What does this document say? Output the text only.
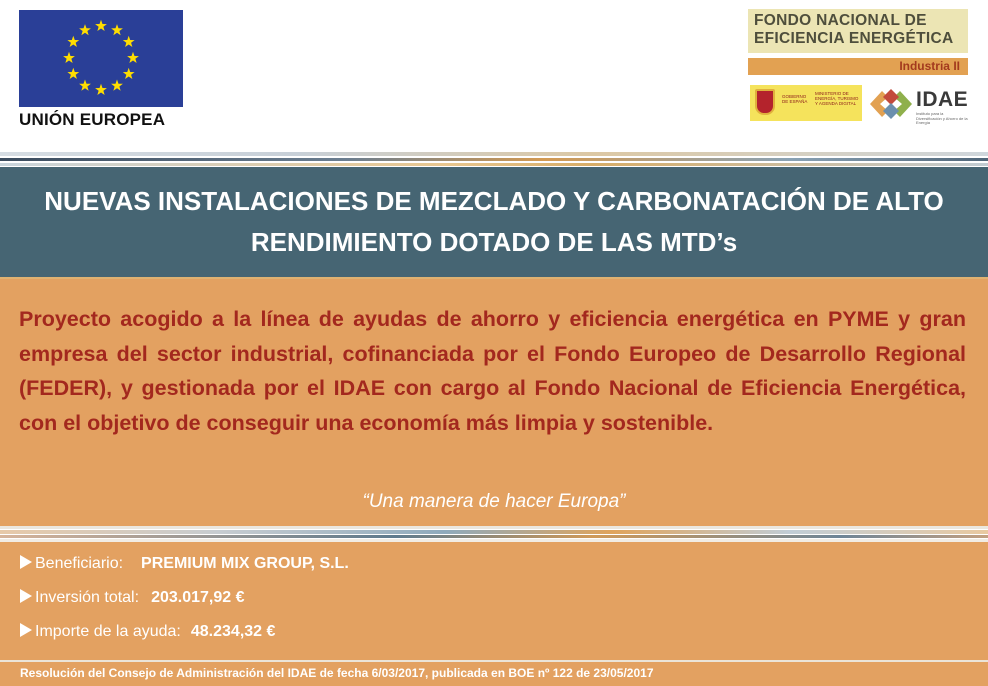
UNIÓN EUROPEA
FONDO NACIONAL DE EFICIENCIA ENERGÉTICA
Industria II
GOBIERNO DE ESPAÑA
MINISTERIO DE ENERGÍA, TURISMO Y AGENDA DIGITAL	IDAE
Instituto para la Diversificación y Ahorro de la Energía
NUEVAS INSTALACIONES DE MEZCLADO Y CARBONATACIÓN DE ALTO RENDIMIENTO DOTADO DE LAS MTD’s

Proyecto acogido a la línea de ayudas de ahorro y eficiencia energética en PYME y gran empresa del sector industrial, cofinanciada por el Fondo Europeo de Desarrollo Regional (FEDER), y gestionada por el IDAE con cargo al Fondo Nacional de Eficiencia Energética, con el objetivo de conseguir una economía más limpia y sostenible.

“Una manera de hacer Europa”
Beneficiario: PREMIUM MIX GROUP, S.L.
Inversión total: 203.017,92 €
Importe de la ayuda: 48.234,32 €
Resolución del Consejo de Administración del IDAE de fecha 6/03/2017, publicada en BOE nº 122 de 23/05/2017
